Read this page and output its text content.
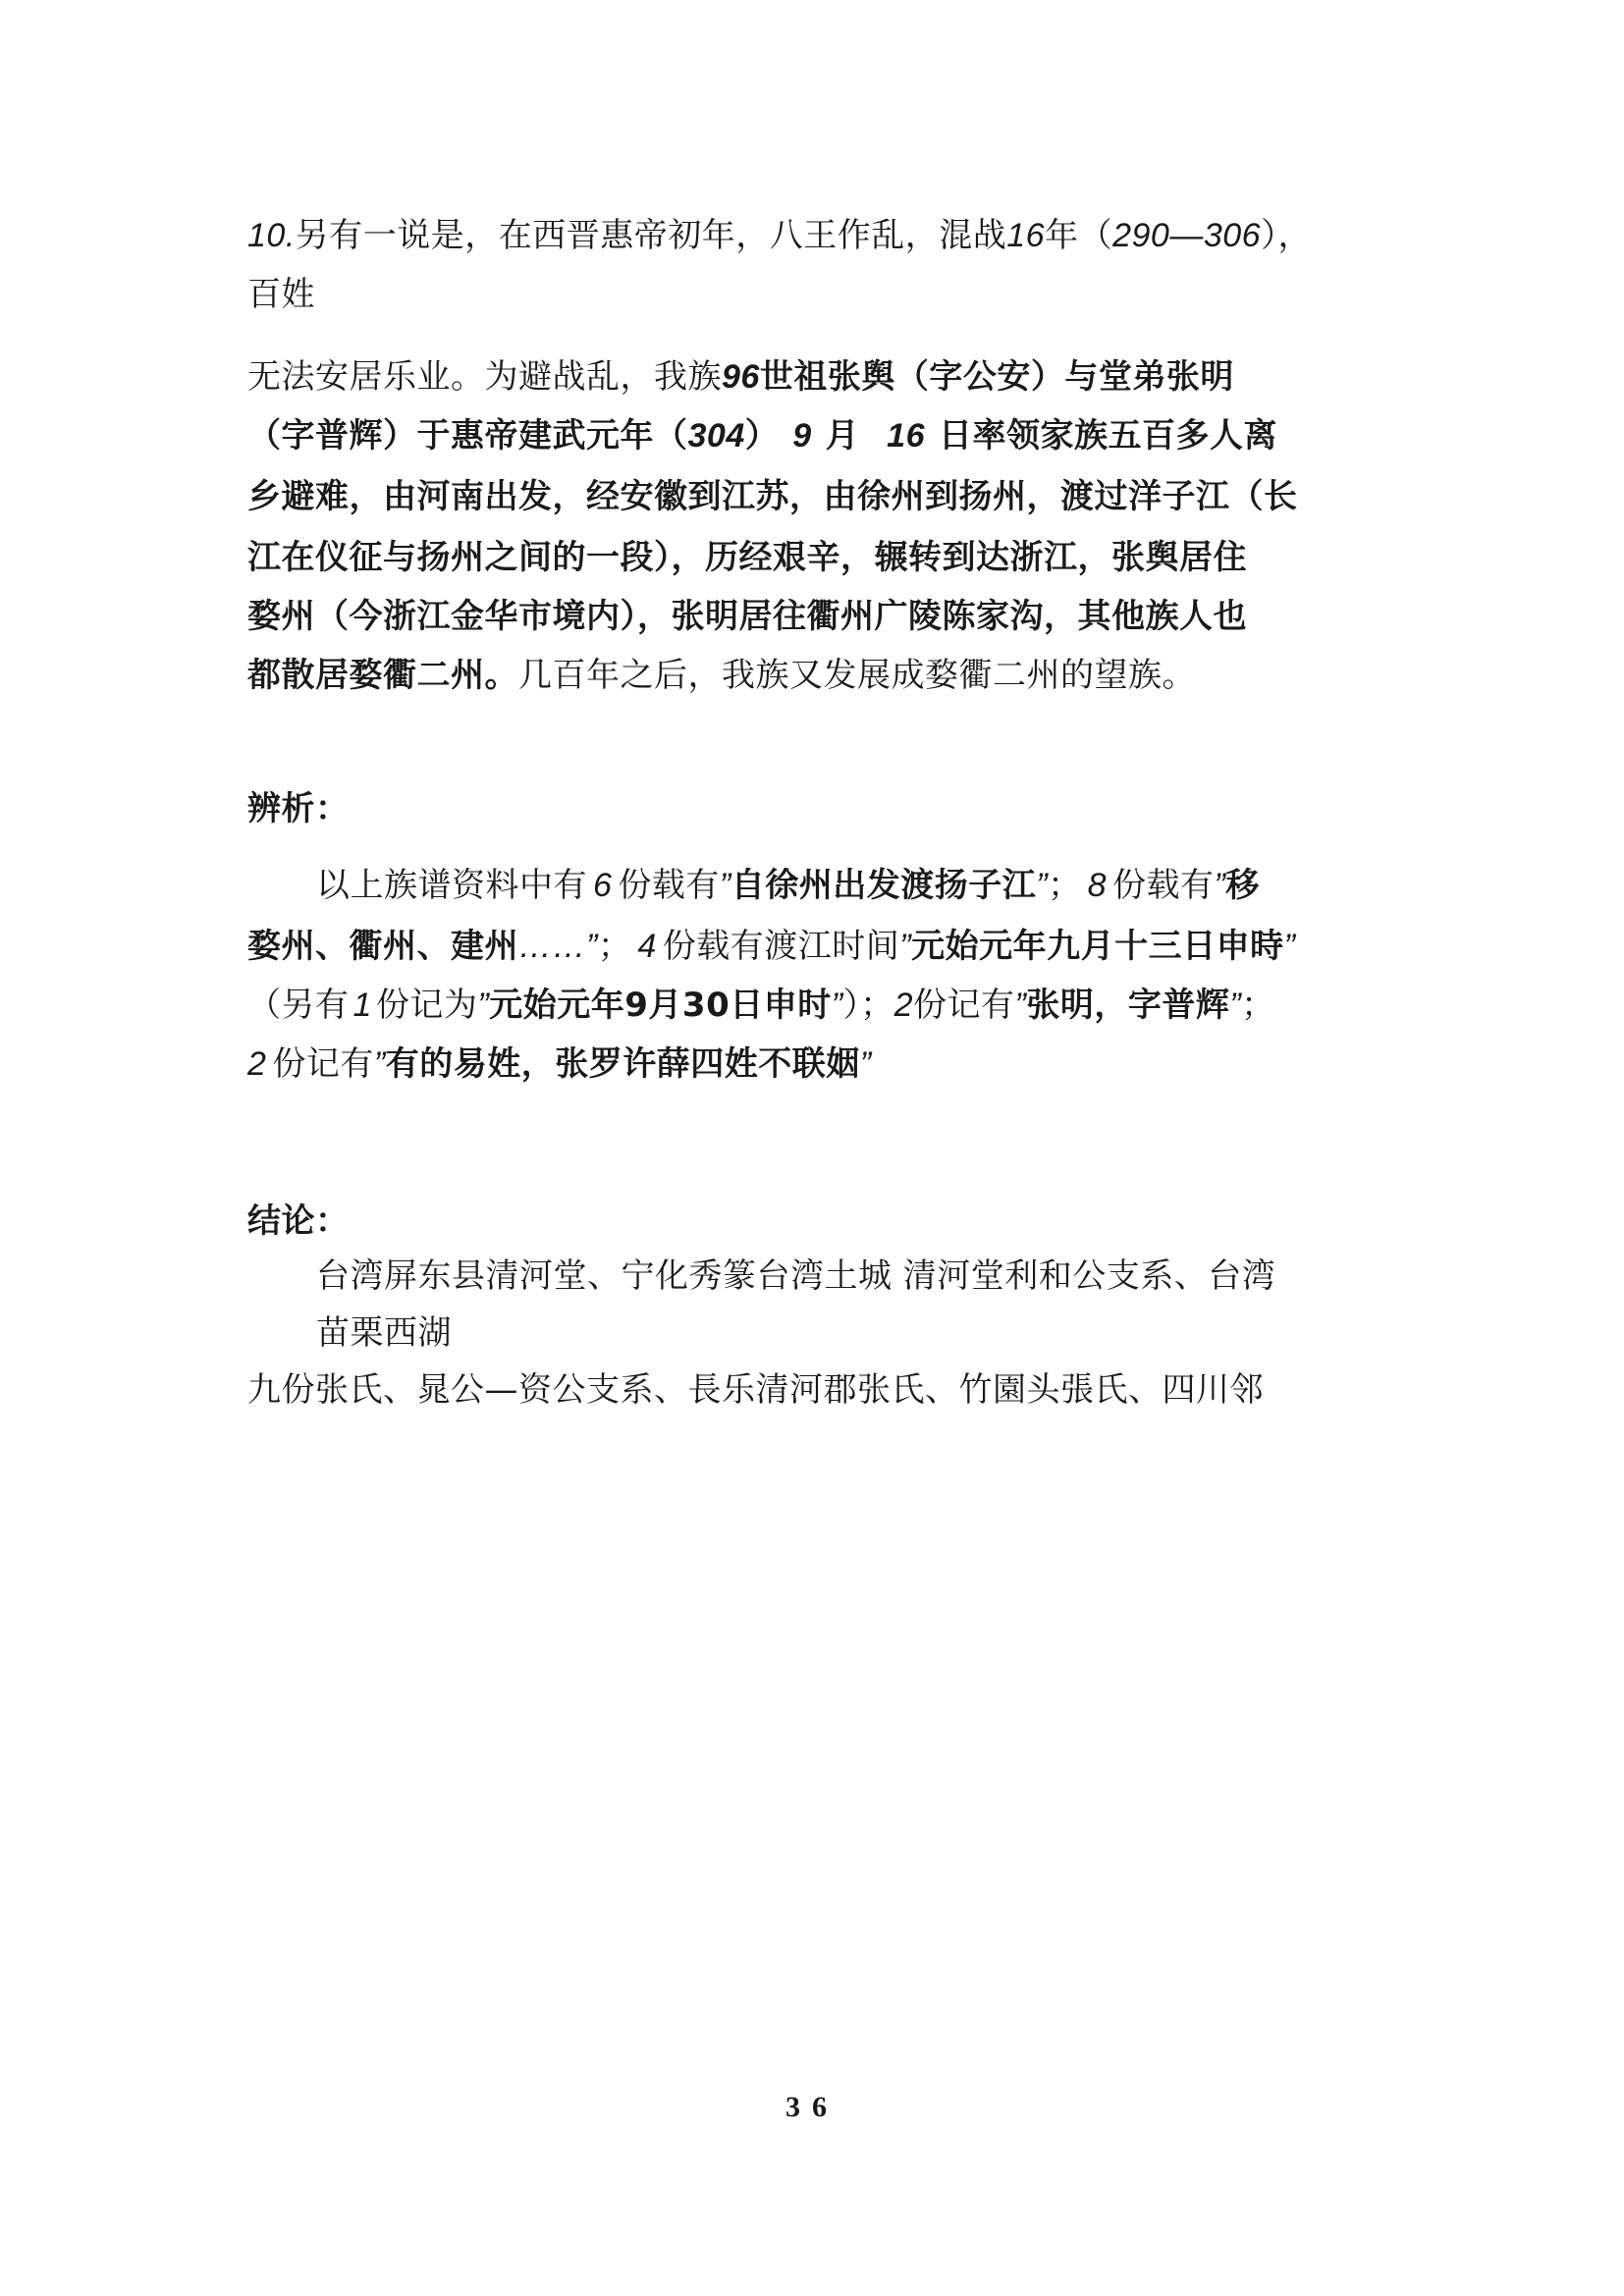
10.另有一说是，在西晋惠帝初年，八王作乱，混战16年（290—306），
百姓
无法安居乐业。为避战乱，我族96世祖张舆（字公安）与堂弟张明
（字普辉）于惠帝建武元年（304） 9 月 16 日率领家族五百多人离
乡避难，由河南出发，经安徽到江苏，由徐州到扬州，渡过洋子江（长
江在仪征与扬州之间的一段），历经艰辛，辗转到达浙江，张舆居住
婺州（今浙江金华市境内），张明居往衢州广陵陈家沟，其他族人也
都散居婺衢二州。几百年之后，我族又发展成婺衢二州的望族。
辨析：
以上族谱资料中有 6 份载有”自徐州出发渡扬子江”； 8 份载有”移
婺州、衢州、建州……”； 4 份载有渡江时间”元始元年九月十三日申時”
（另有 1 份记为”元始元年9月30日申时”）；2份记有”张明，字普辉”；
2 份记有”有的易姓，张罗许薛四姓不联姻”
结论：
台湾屏东县清河堂、宁化秀篆台湾土城 清河堂利和公支系、台湾
苗栗西湖
九份张氏、晁公—资公支系、長乐清河郡张氏、竹園头張氏、四川邻
36
